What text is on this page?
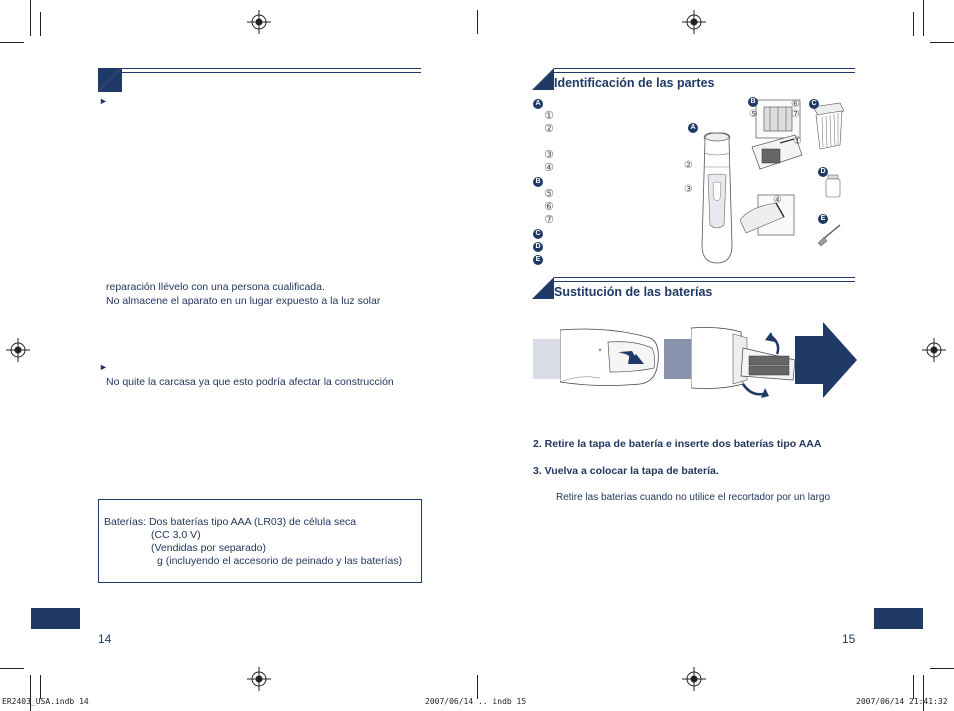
►
reparación llévelo con una persona cualificada.
No almacene el aparato en un lugar expuesto a la luz solar
►
No quite la carcasa ya que esto podría afectar la construcción
Baterías: Dos baterías tipo AAA (LR03) de célula seca
(CC 3,0 V)
(Vendidas por separado)
g (incluyendo el accesorio de peinado y las baterías)
14
Identificación de las partes
A
①
②
③
④
B
⑤
⑥
⑦
C
D
E
A
B	C
D
E
①
②
③
④
⑤
⑥
⑦
Sustitución de las baterías
2. Retire la tapa de batería e inserte dos baterías tipo AAA
3. Vuelva a colocar la tapa de batería.
Retire las baterías cuando no utilice el recortador por un largo
15
ER2403_USA.indb 14	2007/06/14 .. indb 15	2007/06/14 21:41:32
